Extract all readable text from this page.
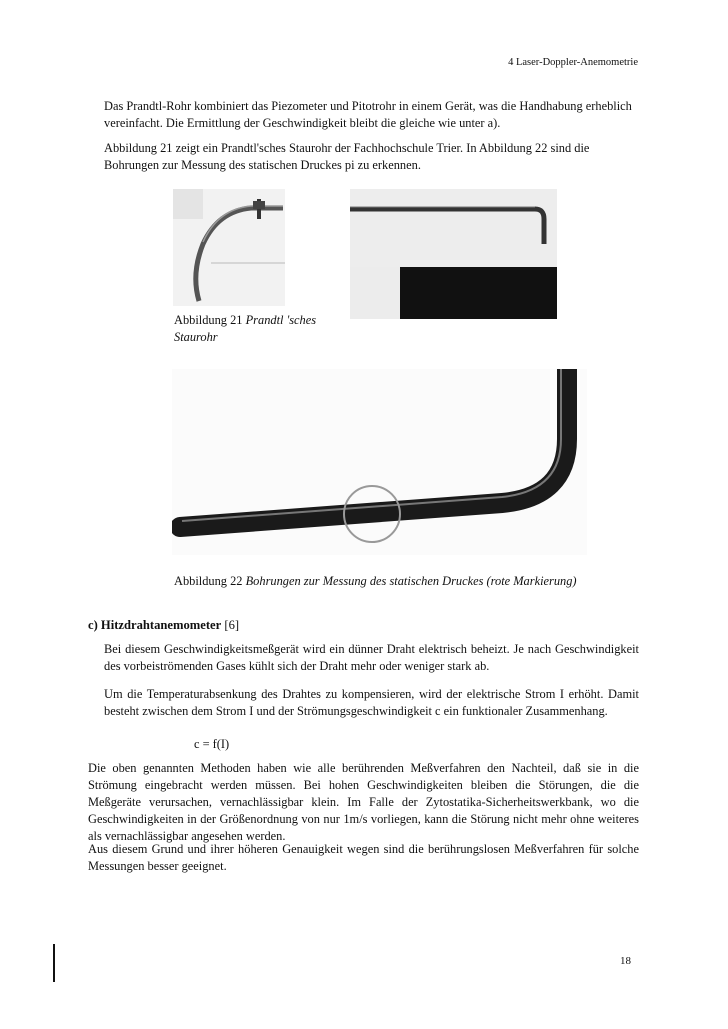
4 Laser-Doppler-Anemometrie
Das Prandtl-Rohr kombiniert das Piezometer und Pitotrohr in einem Gerät, was die Handhabung erheblich vereinfacht. Die Ermittlung der Geschwindigkeit bleibt die gleiche wie unter a).
Abbildung 21 zeigt ein Prandtl'sches Staurohr der Fachhochschule Trier. In Abbildung 22 sind die Bohrungen zur Messung des statischen Druckes pi zu erkennen.
Abbildung 21 Prandtl 'sches Staurohr
Abbildung 22 Bohrungen zur Messung des statischen Druckes (rote Markierung)
c) Hitzdrahtanemometer [6]
Bei diesem Geschwindigkeitsmeßgerät wird ein dünner Draht elektrisch beheizt. Je nach Geschwindigkeit des vorbeiströmenden Gases kühlt sich der Draht mehr oder weniger stark ab.
Um die Temperaturabsenkung des Drahtes zu kompensieren, wird der elektrische Strom I erhöht. Damit besteht zwischen dem Strom I und der Strömungsgeschwindigkeit c ein funktionaler Zusammenhang.
c = f(I)
Die oben genannten Methoden haben wie alle berührenden Meßverfahren den Nachteil, daß sie in die Strömung eingebracht werden müssen. Bei hohen Geschwindigkeiten bleiben die Störungen, die die Meßgeräte verursachen, vernachlässigbar klein. Im Falle der Zytostatika-Sicherheitswerkbank, wo die Geschwindigkeiten in der Größenordnung von nur 1m/s vorliegen, kann die Störung nicht mehr ohne weiteres als vernachlässigbar angesehen werden.
Aus diesem Grund und ihrer höheren Genauigkeit wegen sind die berührungslosen Meßverfahren für solche Messungen besser geeignet.
18
